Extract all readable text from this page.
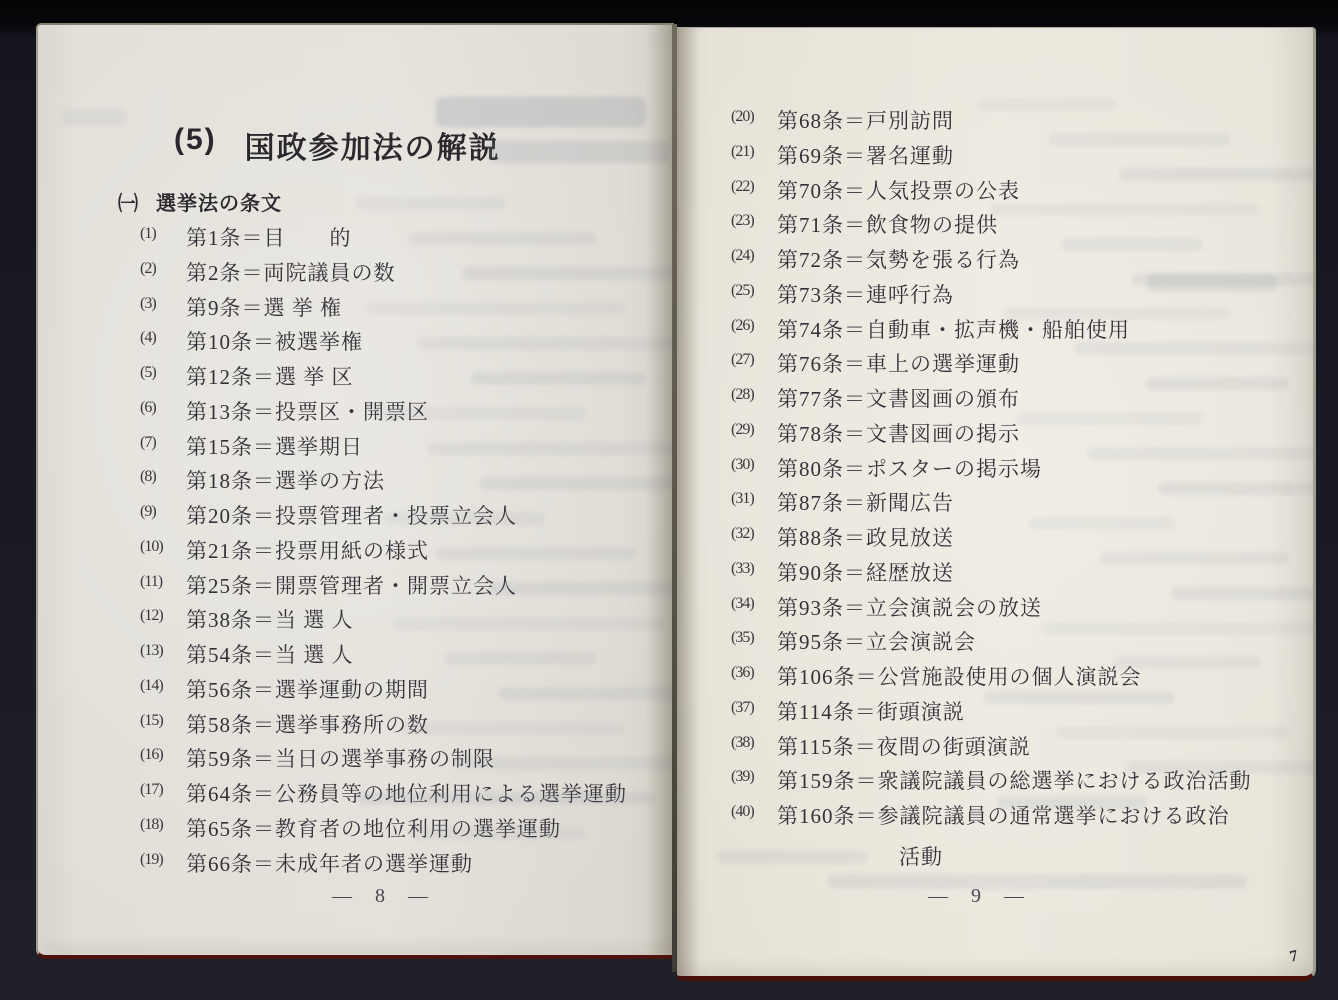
(5) 国政参加法の解説
㈠ 選挙法の条文
(1)	第1条＝目　　的
(2)	第2条＝両院議員の数
(3)	第9条＝選 挙 権
(4)	第10条＝被選挙権
(5)	第12条＝選 挙 区
(6)	第13条＝投票区・開票区
(7)	第15条＝選挙期日
(8)	第18条＝選挙の方法
(9)	第20条＝投票管理者・投票立会人
(10)	第21条＝投票用紙の様式
(11)	第25条＝開票管理者・開票立会人
(12)	第38条＝当 選 人
(13)	第54条＝当 選 人
(14)	第56条＝選挙運動の期間
(15)	第58条＝選挙事務所の数
(16)	第59条＝当日の選挙事務の制限
(17)	第64条＝公務員等の地位利用による選挙運動
(18)	第65条＝教育者の地位利用の選挙運動
(19)	第66条＝未成年者の選挙運動
— 8 —
(20)	第68条＝戸別訪問
(21)	第69条＝署名運動
(22)	第70条＝人気投票の公表
(23)	第71条＝飲食物の提供
(24)	第72条＝気勢を張る行為
(25)	第73条＝連呼行為
(26)	第74条＝自動車・拡声機・船舶使用
(27)	第76条＝車上の選挙運動
(28)	第77条＝文書図画の頒布
(29)	第78条＝文書図画の掲示
(30)	第80条＝ポスターの掲示場
(31)	第87条＝新聞広告
(32)	第88条＝政見放送
(33)	第90条＝経歴放送
(34)	第93条＝立会演説会の放送
(35)	第95条＝立会演説会
(36)	第106条＝公営施設使用の個人演説会
(37)	第114条＝街頭演説
(38)	第115条＝夜間の街頭演説
(39)	第159条＝衆議院議員の総選挙における政治活動
(40)	第160条＝参議院議員の通常選挙における政治
活動
— 9 —
7
